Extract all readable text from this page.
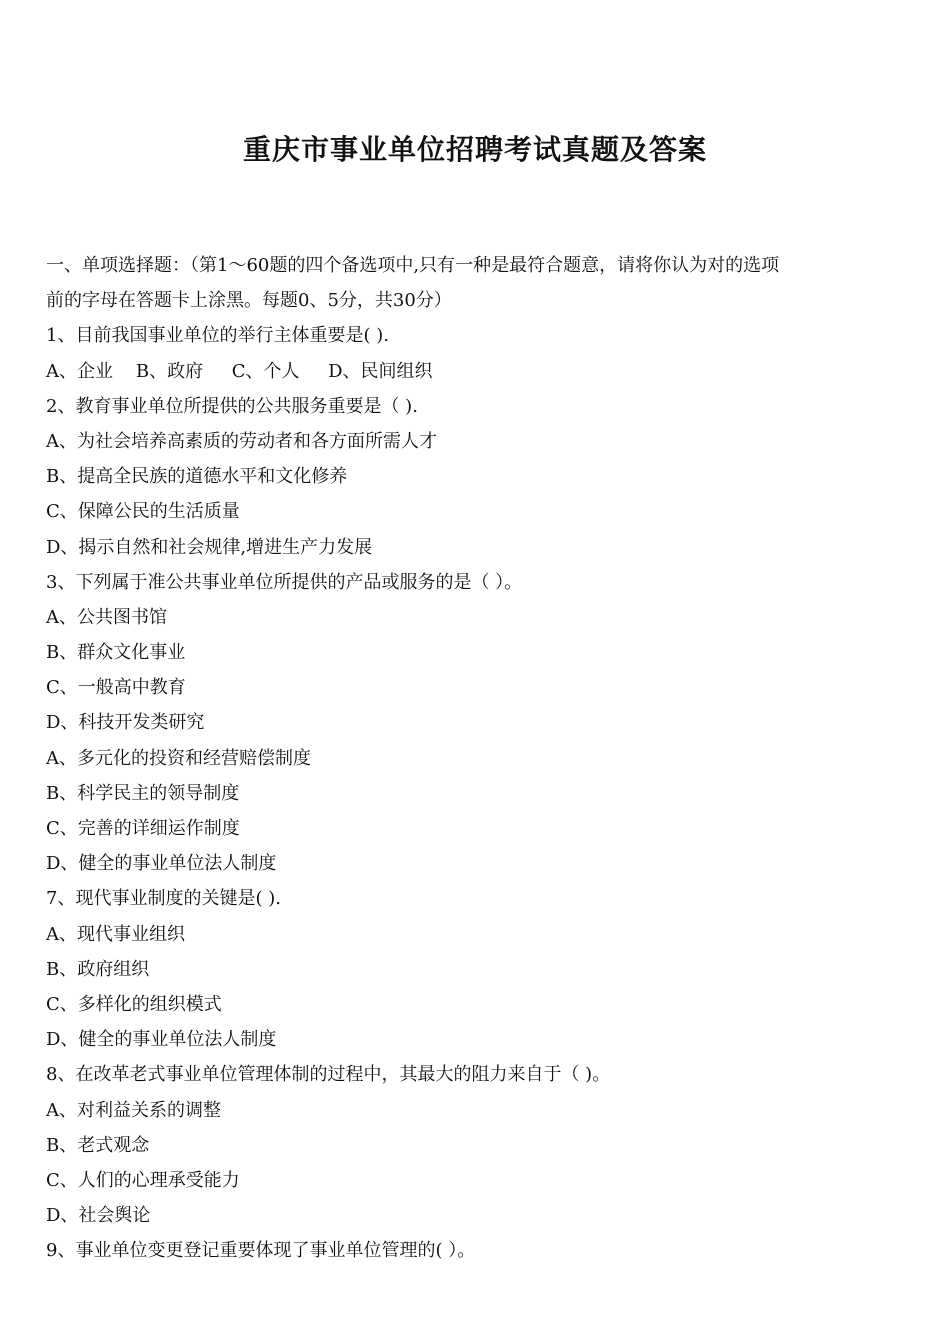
重庆市事业单位招聘考试真题及答案
一、单项选择题：（第1～60题的四个备选项中,只有一种是最符合题意，请将你认为对的选项
前的字母在答题卡上涂黑。每题0、5分，共30分）
1、目前我国事业单位的举行主体重要是( ).
A、企业    B、政府     C、个人     D、民间组织
2、教育事业单位所提供的公共服务重要是（ ).
A、为社会培养高素质的劳动者和各方面所需人才
B、提高全民族的道德水平和文化修养
C、保障公民的生活质量
D、揭示自然和社会规律,增进生产力发展
3、下列属于准公共事业单位所提供的产品或服务的是（ ）。
A、公共图书馆
B、群众文化事业
C、一般高中教育
D、科技开发类研究
A、多元化的投资和经营赔偿制度
B、科学民主的领导制度
C、完善的详细运作制度
D、健全的事业单位法人制度
7、现代事业制度的关键是( ).
A、现代事业组织
B、政府组织
C、多样化的组织模式
D、健全的事业单位法人制度
8、在改革老式事业单位管理体制的过程中，其最大的阻力来自于（ )。
A、对利益关系的调整
B、老式观念
C、人们的心理承受能力
D、社会舆论
9、事业单位变更登记重要体现了事业单位管理的( ）。
